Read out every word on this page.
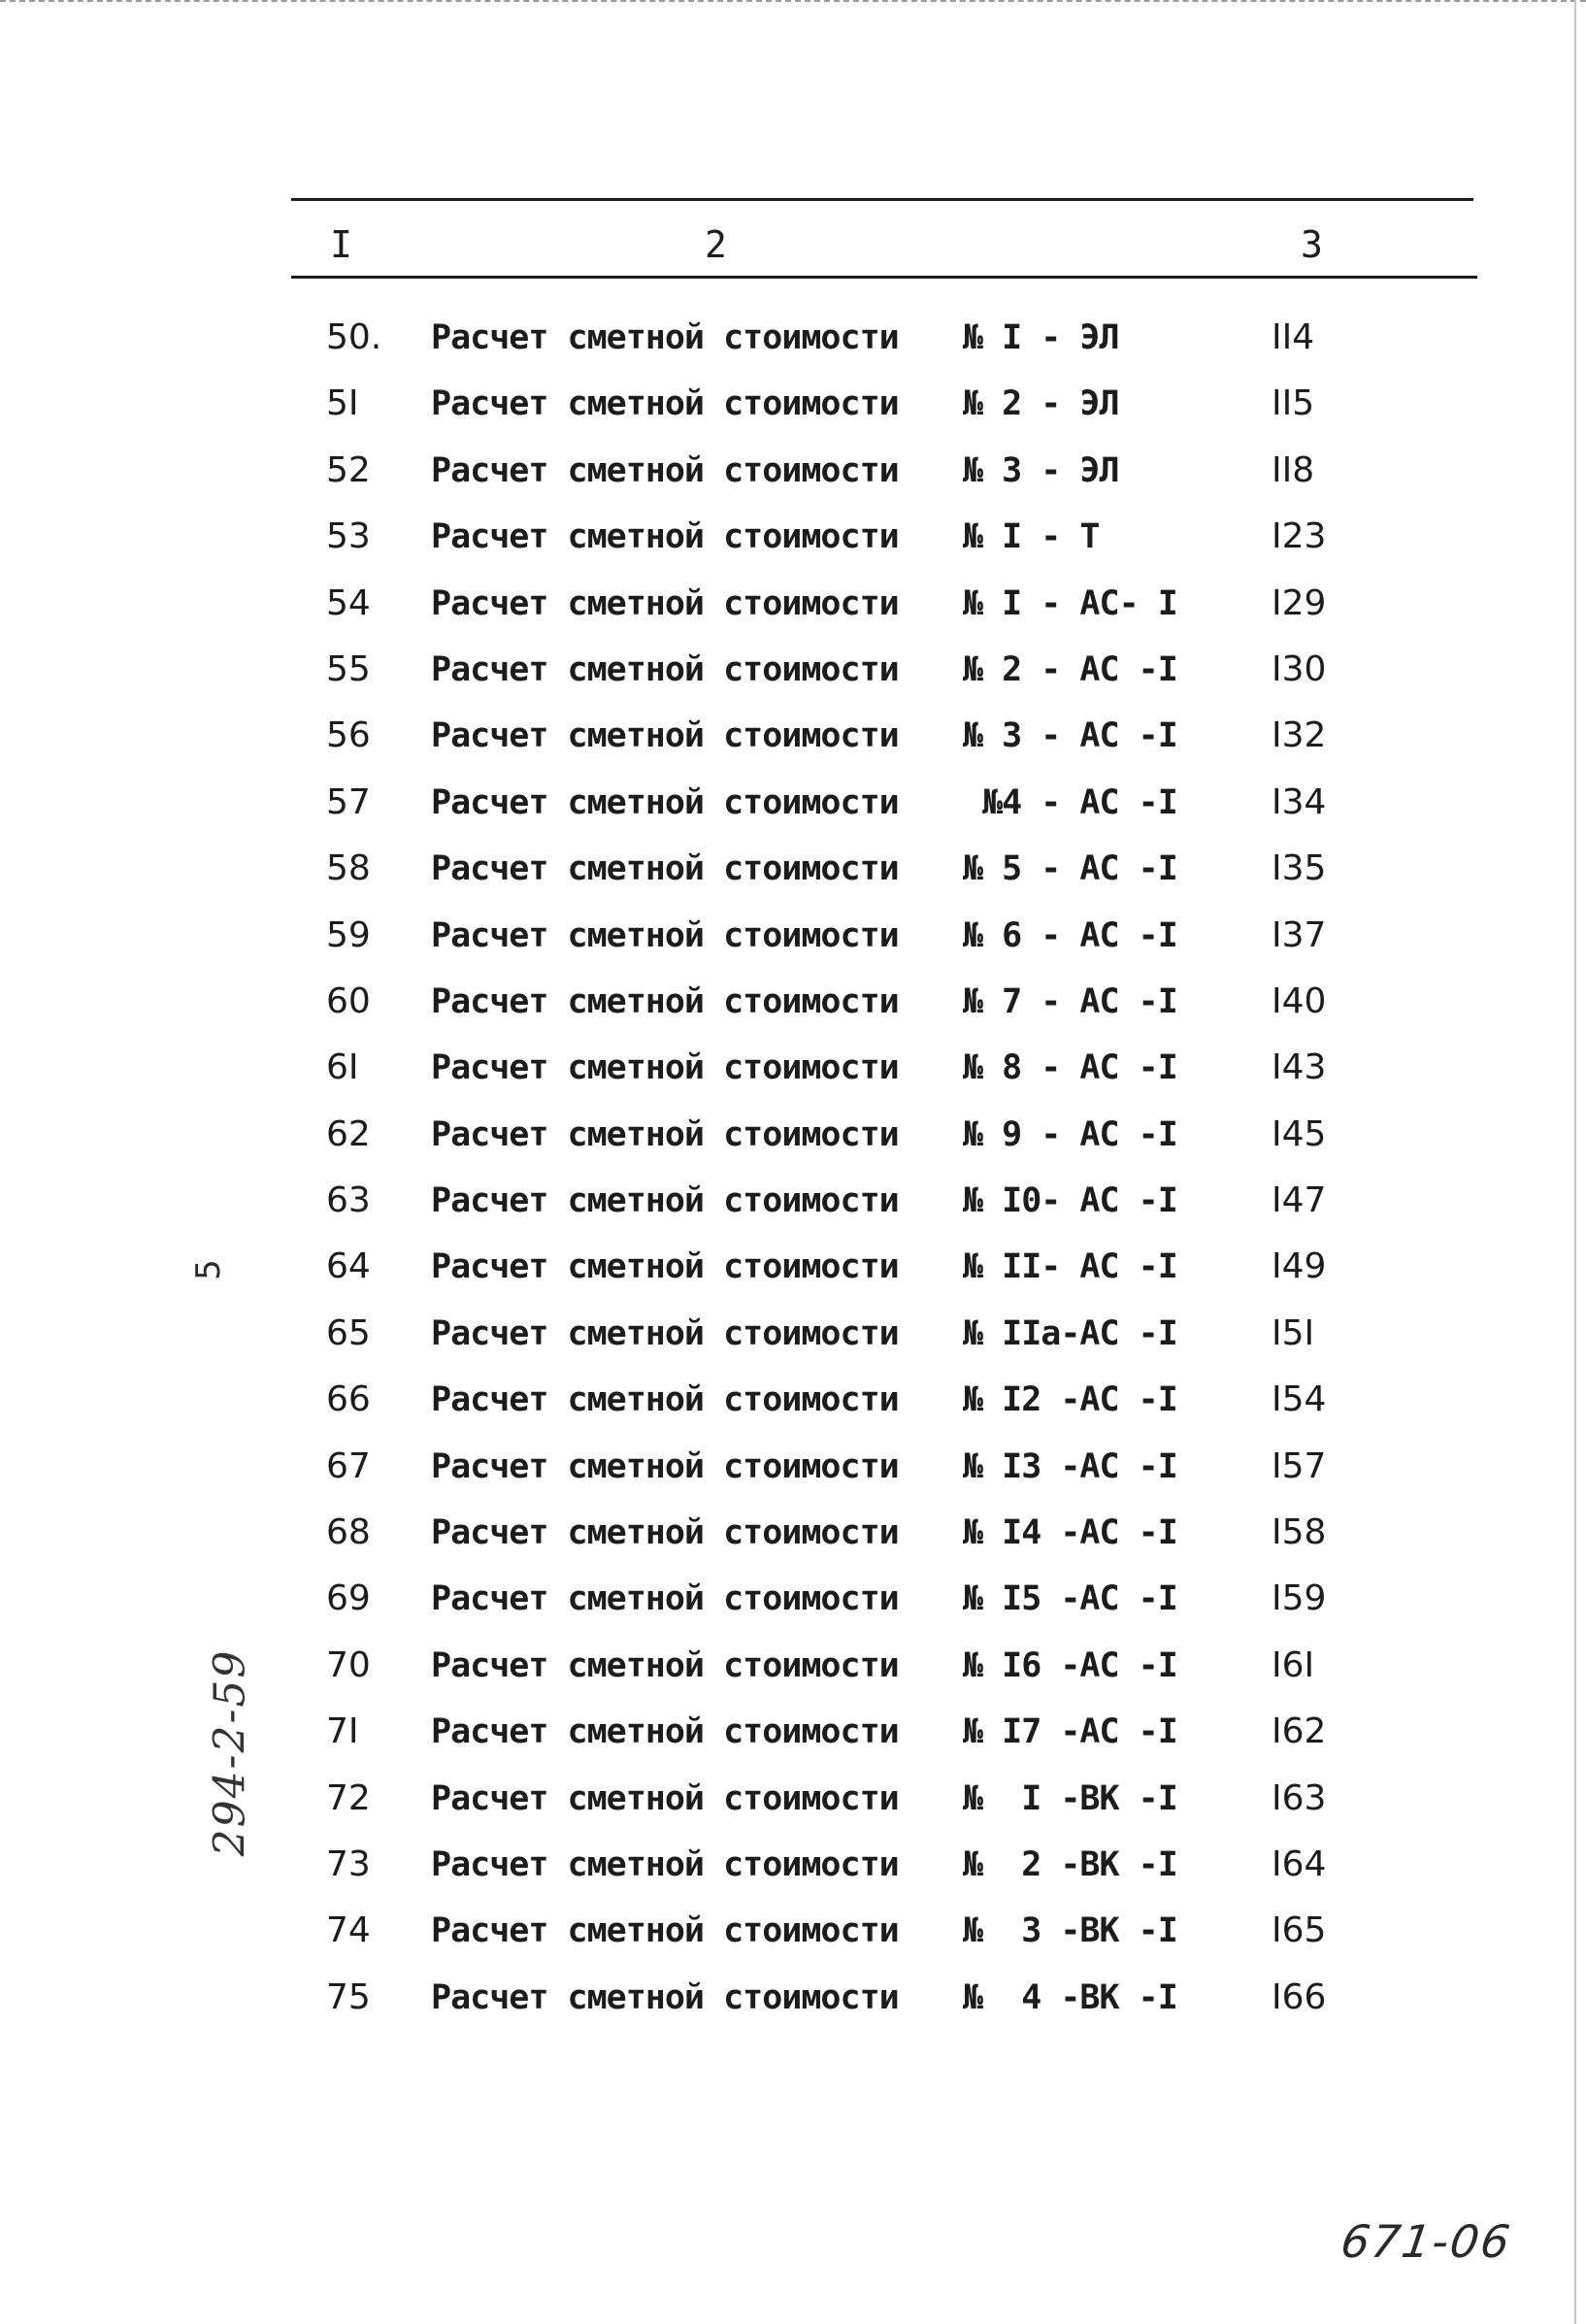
I	2	3
50. Расчет сметной стоимости № I - ЭЛ	II4
5I Расчет сметной стоимости № 2 - ЭЛ	II5
52 Расчет сметной стоимости № 3 - ЭЛ	II8
53 Расчет сметной стоимости № I - Т	I23
54 Расчет сметной стоимости № I - АС- I	I29
55 Расчет сметной стоимости № 2 - АС -I	I30
56 Расчет сметной стоимости № 3 - АС -I	I32
57 Расчет сметной стоимости №4 - АС -I	I34
58 Расчет сметной стоимости № 5 - АС -I	I35
59 Расчет сметной стоимости № 6 - АС -I	I37
60 Расчет сметной стоимости № 7 - АС -I	I40
6I Расчет сметной стоимости № 8 - АС -I	I43
62 Расчет сметной стоимости № 9 - АС -I	I45
63 Расчет сметной стоимости № I0- АС -I	I47
64 Расчет сметной стоимости № II- АС -I	I49
65 Расчет сметной стоимости № IIа-АС -I	I5I
66 Расчет сметной стоимости № I2 -АС -I	I54
67 Расчет сметной стоимости № I3 -АС -I	I57
68 Расчет сметной стоимости № I4 -АС -I	I58
69 Расчет сметной стоимости № I5 -АС -I	I59
70 Расчет сметной стоимости № I6 -АС -I	I6I
7I Расчет сметной стоимости № I7 -АС -I	I62
72 Расчет сметной стоимости №  I -ВК -I	I63
73 Расчет сметной стоимости №  2 -ВК -I	I64
74 Расчет сметной стоимости №  3 -ВК -I	I65
75 Расчет сметной стоимости №  4 -ВК -I	I66
5
294-2-59
671-06
